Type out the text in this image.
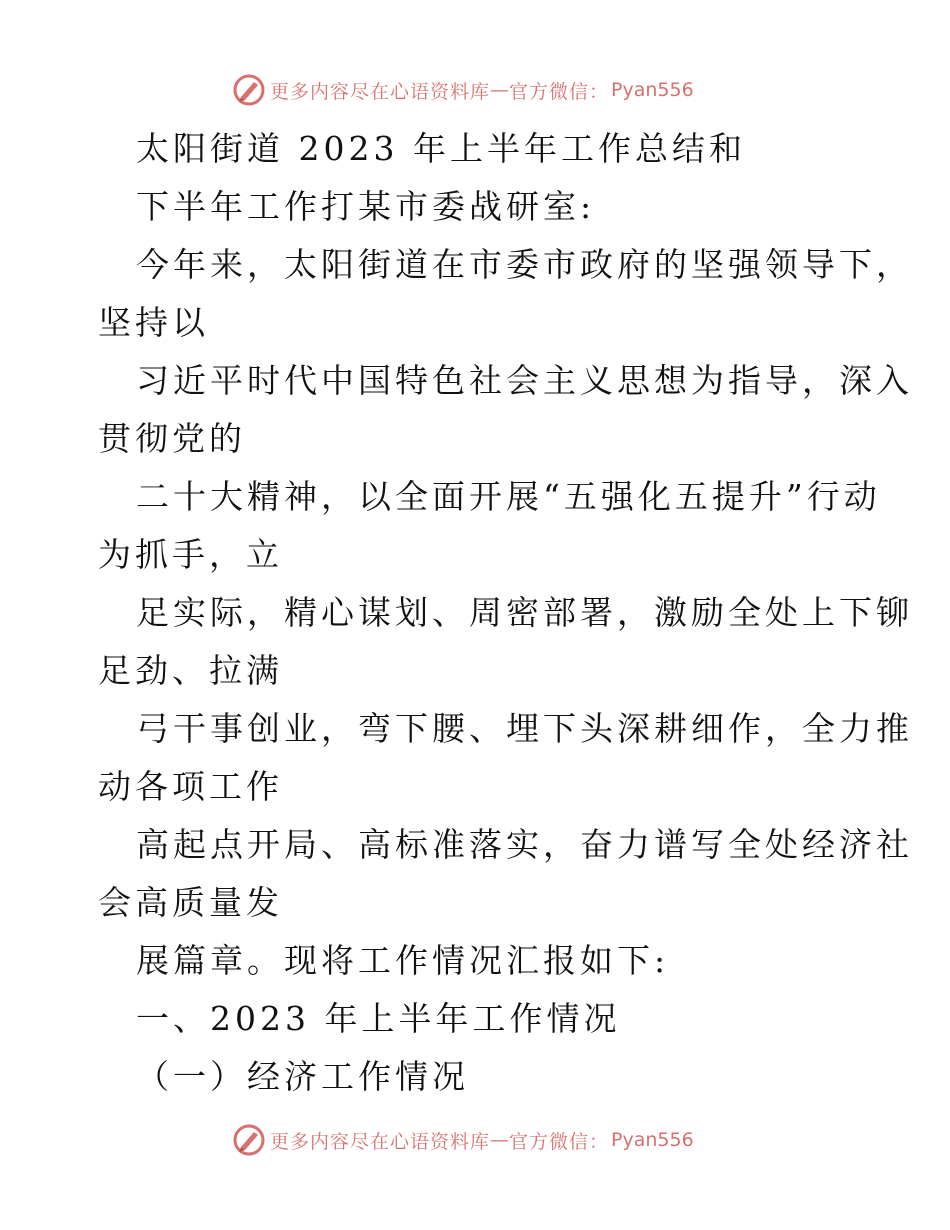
更多内容尽在心语资料库 — 官方微信： Pyan556
太阳街道 2023 年上半年工作总结和
下半年工作打某市委战研室:
今年来，太阳街道在市委市政府的坚强领导下，
坚持以
习近平时代中国特色社会主义思想为指导，深入
贯彻党的
二十大精神，以全面开展“五强化五提升”行动
为抓手，立
足实际，精心谋划、周密部署，激励全处上下铆
足劲、拉满
弓干事创业，弯下腰、埋下头深耕细作，全力推
动各项工作
高起点开局、高标准落实，奋力谱写全处经济社
会高质量发
展篇章。现将工作情况汇报如下:
一、2023 年上半年工作情况
（一）经济工作情况
更多内容尽在心语资料库 — 官方微信： Pyan556
